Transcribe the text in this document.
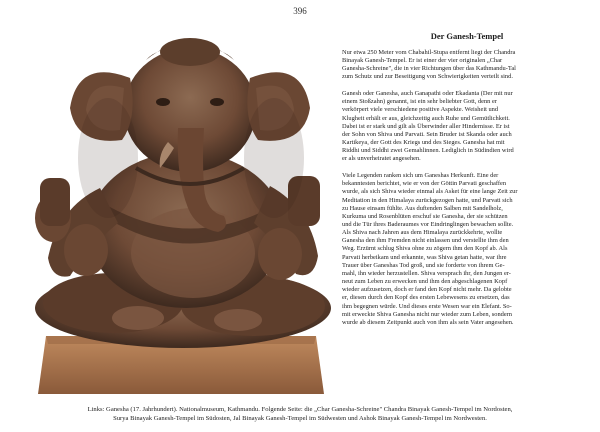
396
Der Ganesh-Tempel

Nur etwa 250 Meter vom Chabahil-Stupa entfernt liegt der Chandra
Binayak Ganesh-Tempel. Er ist einer der vier originalen „Char
Ganesha-Schreine", die in vier Richtungen über das Kathmandu-Tal
zum Schutz und zur Beseitigung von Schwierigkeiten verteilt sind.

Ganesh oder Ganesha, auch Ganapathi oder Ekadanta (Der mit nur
einem Stoßzahn) genannt, ist ein sehr beliebter Gott, denn er
verkörpert viele verschiedene positive Aspekte. Weisheit und
Klugheit erhält er aus, gleichzeitig auch Ruhe und Gemütlichkeit.
Dabei ist er stark und gilt als Überwinder aller Hindernisse. Er ist
der Sohn von Shiva und Parvati. Sein Bruder ist Skanda oder auch
Kartikeya, der Gott des Kriegs und des Sieges. Ganesha hat mit
Riddhi und Siddhi zwei Gemahlinnen. Lediglich in Südindien wird
er als unverheiratet angesehen.

Viele Legenden ranken sich um Ganeshas Herkunft. Eine der
bekanntesten berichtet, wie er von der Göttin Parvati geschaffen
wurde, als sich Shiva wieder einmal als Asket für eine lange Zeit zur
Meditation in den Himalaya zurückgezogen hatte, und Parvati sich
zu Hause einsam fühlte. Aus duftenden Salben mit Sandelholz,
Kurkuma und Rosenblüten erschuf sie Ganesha, der sie schützen
und die Tür ihres Baderaumes vor Eindringlingen bewachen sollte.
Als Shiva nach Jahren aus dem Himalaya zurückkehrte, wollte
Ganesha den ihm Fremden nicht einlassen und verstellte ihm den
Weg. Erzürnt schlug Shiva ohne zu zögern ihm den Kopf ab. Als
Parvati herbeikam und erkannte, was Shiva getan hatte, war ihre
Trauer über Ganeshas Tod groß, und sie forderte von ihrem Ge-
mahl, ihn wieder herzustellen. Shiva versprach ihr, den Jungen er-
neut zum Leben zu erwecken und ihm den abgeschlagenen Kopf
wieder aufzusetzen, doch er fand den Kopf nicht mehr. Da gelobte
er, diesen durch den Kopf des ersten Lebewesens zu ersetzen, das
ihm begegnen würde. Und dieses erste Wesen war ein Elefant. So-
mit erweckte Shiva Ganesha nicht nur wieder zum Leben, sondern
wurde ab diesem Zeitpunkt auch von ihm als sein Vater angesehen.

Links: Ganesha (17. Jahrhundert). Nationalmuseum, Kathmandu. Folgende Seite: die „Char Ganesha-Schreine" Chandra Binayak Ganesh-Tempel im Nordosten,
Surya Binayak Ganesh-Tempel im Südosten, Jal Binayak Ganesh-Tempel im Südwesten und Ashok Binayak Ganesh-Tempel im Nordwesten.
